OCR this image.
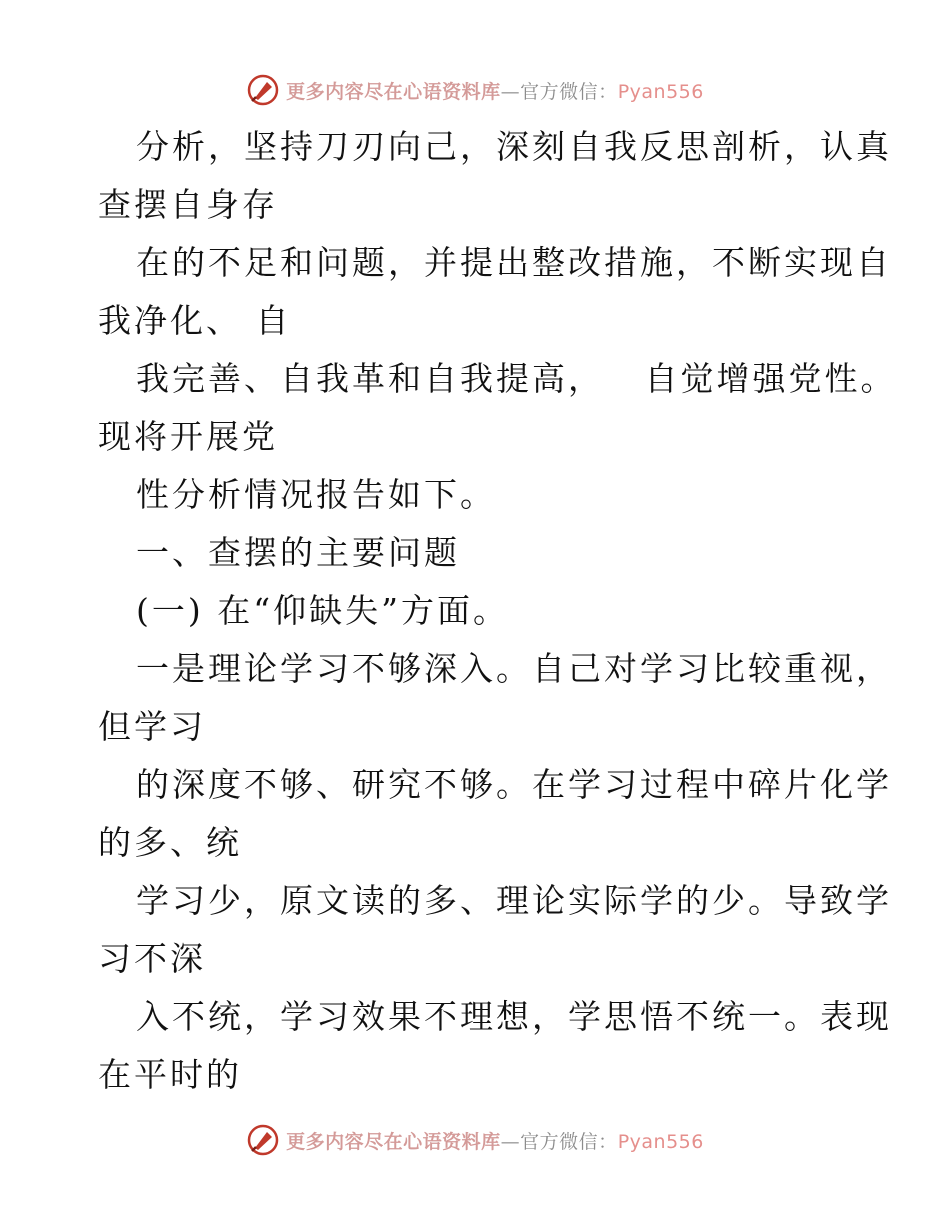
更多内容尽在心语资料库—官方微信：Pyan556
分析，坚持刀刃向己，深刻自我反思剖析，认真
查摆自身存
在的不足和问题，并提出整改措施，不断实现自
我净化、 自
我完善、自我革和自我提高，   自觉增强党性。
现将开展党
性分析情况报告如下。
一、查摆的主要问题
(一) 在“仰缺失”方面。
一是理论学习不够深入。自己对学习比较重视，
但学习
的深度不够、研究不够。在学习过程中碎片化学
的多、统
学习少，原文读的多、理论实际学的少。导致学
习不深
入不统，学习效果不理想，学思悟不统一。表现
在平时的
更多内容尽在心语资料库—官方微信：Pyan556
